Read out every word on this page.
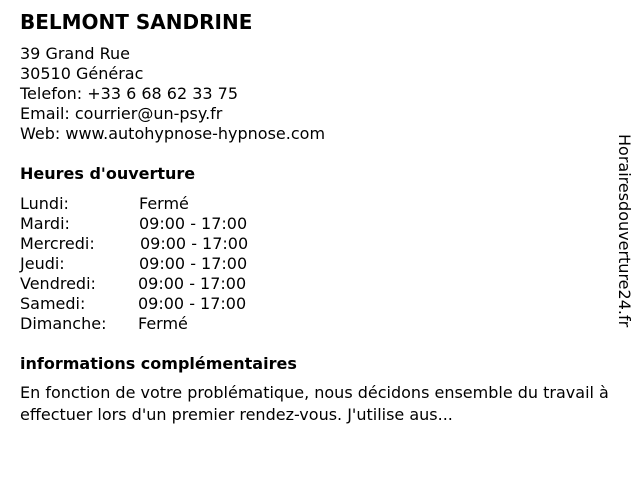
BELMONT SANDRINE
39 Grand Rue
30510 Générac
Telefon: +33 6 68 62 33 75
Email: courrier@un-psy.fr
Web: www.autohypnose-hypnose.com
Heures d'ouverture
Lundi:	Fermé
Mardi:	09:00 - 17:00
Mercredi:	09:00 - 17:00
Jeudi:	09:00 - 17:00
Vendredi:	09:00 - 17:00
Samedi:	09:00 - 17:00
Dimanche: Fermé
informations complémentaires
En fonction de votre problématique, nous décidons ensemble du travail à effectuer lors d'un premier rendez-vous. J'utilise aus...
Horairesdouverture24.fr
